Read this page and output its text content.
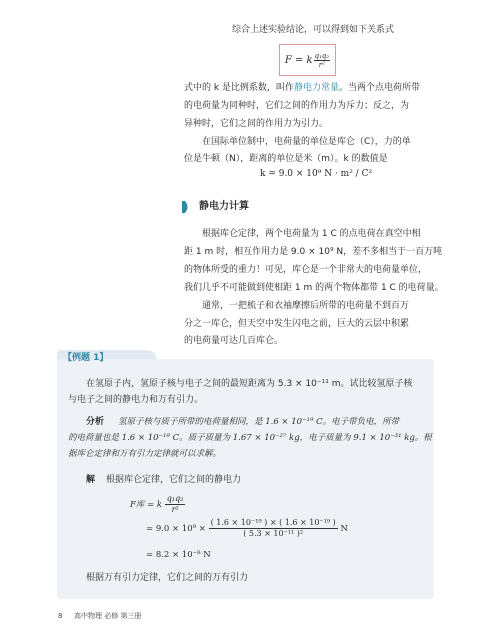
综合上述实验结论，可以得到如下关系式
F = k $\frac{\text{q₁q₂}}{\text{r²}}$
式中的 k 是比例系数，叫作静电力常量。当两个点电荷所带
的电荷量为同种时，它们之间的作用力为斥力；反之，为
异种时，它们之间的作用力为引力。
在国际单位制中，电荷量的单位是库仑（C），力的单
位是牛顿（N），距离的单位是米（m）。k 的数值是
k = 9.0 × 10⁹ N · m² / C²
静电力计算
根据库仑定律，两个电荷量为 1 C 的点电荷在真空中相
距 1 m 时，相互作用力是 9.0 × 10⁹ N，差不多相当于一百万吨
的物体所受的重力！可见，库仑是一个非常大的电荷量单位，
我们几乎不可能做到使相距 1 m 的两个物体都带 1 C 的电荷量。
通常，一把梳子和衣袖摩擦后所带的电荷量不到百万
分之一库仑，但天空中发生闪电之前，巨大的云层中积累
的电荷量可达几百库仑。
【例题 1】
在氢原子内，氢原子核与电子之间的最短距离为 5.3 × 10⁻¹¹ m。试比较氢原子核
与电子之间的静电力和万有引力。
分析 氢原子核与质子所带的电荷量相同，是 1.6 × 10⁻¹⁹ C。电子带负电，所带
的电荷量也是 1.6 × 10⁻¹⁹ C。质子质量为 1.67 × 10⁻²⁷ kg，电子质量为 9.1 × 10⁻³¹ kg。根
据库仑定律和万有引力定律就可以求解。
解 根据库仑定律，它们之间的静电力
F库 = k $\frac{\text{q₁q₂}}{\text{r²}}$
= $9.0 \times 10^9 \times \frac{\text{( 1.6 × 10⁻¹⁹ ) × ( 1.6 × 10⁻¹⁹ )}}{\text{( 5.3 × 10⁻¹¹ )²}}$ N
= 8.2 × 10⁻⁸ N
根据万有引力定律，它们之间的万有引力
8 高中物理 必修 第三册
